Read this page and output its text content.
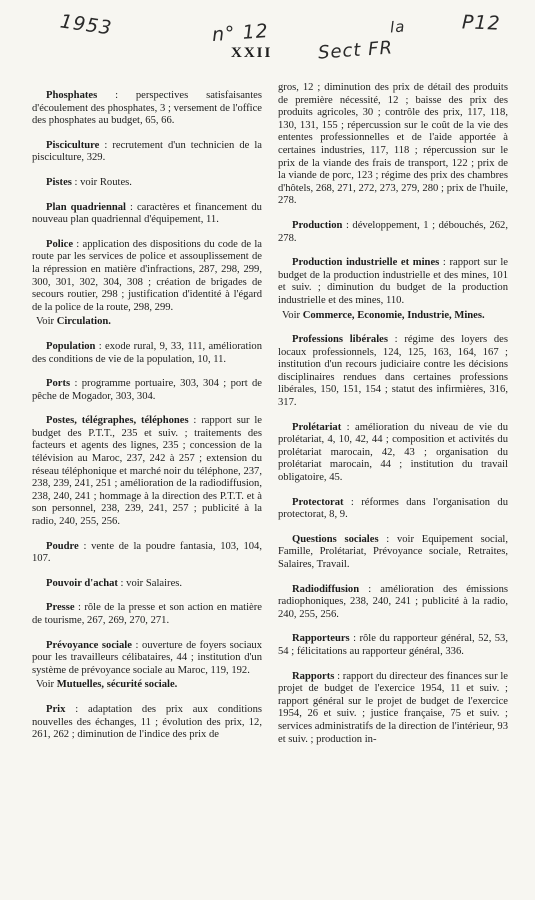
1953	n° 12	la
Sect FR
P12
XXII

Phosphates : perspectives satisfaisantes d'écoulement des phosphates, 3 ; versement de l'office des phosphates au budget, 65, 66.

Pisciculture : recrutement d'un technicien de la pisciculture, 329.

Pistes : voir Routes.

Plan quadriennal : caractères et financement du nouveau plan quadriennal d'équipement, 11.

Police : application des dispositions du code de la route par les services de police et assouplissement de la répression en matière d'infractions, 287, 298, 299, 300, 301, 302, 304, 308 ; création de brigades de secours routier, 298 ; justification d'identité à l'égard de la police de la route, 298, 299.
Voir Circulation.

Population : exode rural, 9, 33, 111, amélioration des conditions de vie de la population, 10, 11.

Ports : programme portuaire, 303, 304 ; port de pêche de Mogador, 303, 304.

Postes, télégraphes, téléphones : rapport sur le budget des P.T.T., 235 et suiv. ; traitements des facteurs et agents des lignes, 235 ; concession de la télévision au Maroc, 237, 242 à 257 ; extension du réseau téléphonique et marché noir du téléphone, 237, 238, 239, 241, 251 ; amélioration de la radiodiffusion, 238, 240, 241 ; hommage à la direction des P.T.T. et à son personnel, 238, 239, 241, 257 ; publicité à la radio, 240, 255, 256.

Poudre : vente de la poudre fantasia, 103, 104, 107.

Pouvoir d'achat : voir Salaires.

Presse : rôle de la presse et son action en matière de tourisme, 267, 269, 270, 271.

Prévoyance sociale : ouverture de foyers sociaux pour les travailleurs célibataires, 44 ; institution d'un système de prévoyance sociale au Maroc, 119, 192.
Voir Mutuelles, sécurité sociale.

Prix : adaptation des prix aux conditions nouvelles des échanges, 11 ; évolution des prix, 12, 261, 262 ; diminution de l'indice des prix de

gros, 12 ; diminution des prix de détail des produits de première nécessité, 12 ; baisse des prix des produits agricoles, 30 ; contrôle des prix, 117, 118, 130, 131, 155 ; répercussion sur le coût de la vie des ententes professionnelles et de l'aide apportée à certaines industries, 117, 118 ; répercussion sur le prix de la viande des frais de transport, 122 ; prix de la viande de porc, 123 ; régime des prix des chambres d'hôtels, 268, 271, 272, 273, 279, 280 ; prix de l'huile, 278.

Production : développement, 1 ; débouchés, 262, 278.

Production industrielle et mines : rapport sur le budget de la production industrielle et des mines, 101 et suiv. ; diminution du budget de la production industrielle et des mines, 110.
Voir Commerce, Economie, Industrie, Mines.

Professions libérales : régime des loyers des locaux professionnels, 124, 125, 163, 164, 167 ; institution d'un recours judiciaire contre les décisions disciplinaires rendues dans certaines professions libérales, 150, 151, 154 ; statut des infirmières, 316, 317.

Prolétariat : amélioration du niveau de vie du prolétariat, 4, 10, 42, 44 ; composition et activités du prolétariat marocain, 42, 43 ; organisation du prolétariat marocain, 44 ; institution du travail obligatoire, 45.

Protectorat : réformes dans l'organisation du protectorat, 8, 9.

Questions sociales : voir Equipement social, Famille, Prolétariat, Prévoyance sociale, Retraites, Salaires, Travail.

Radiodiffusion : amélioration des émissions radiophoniques, 238, 240, 241 ; publicité à la radio, 240, 255, 256.

Rapporteurs : rôle du rapporteur général, 52, 53, 54 ; félicitations au rapporteur général, 336.

Rapports : rapport du directeur des finances sur le projet de budget de l'exercice 1954, 11 et suiv. ; rapport général sur le projet de budget de l'exercice 1954, 26 et suiv. ; justice française, 75 et suiv. ; services administratifs de la direction de l'intérieur, 93 et suiv. ; production in-
